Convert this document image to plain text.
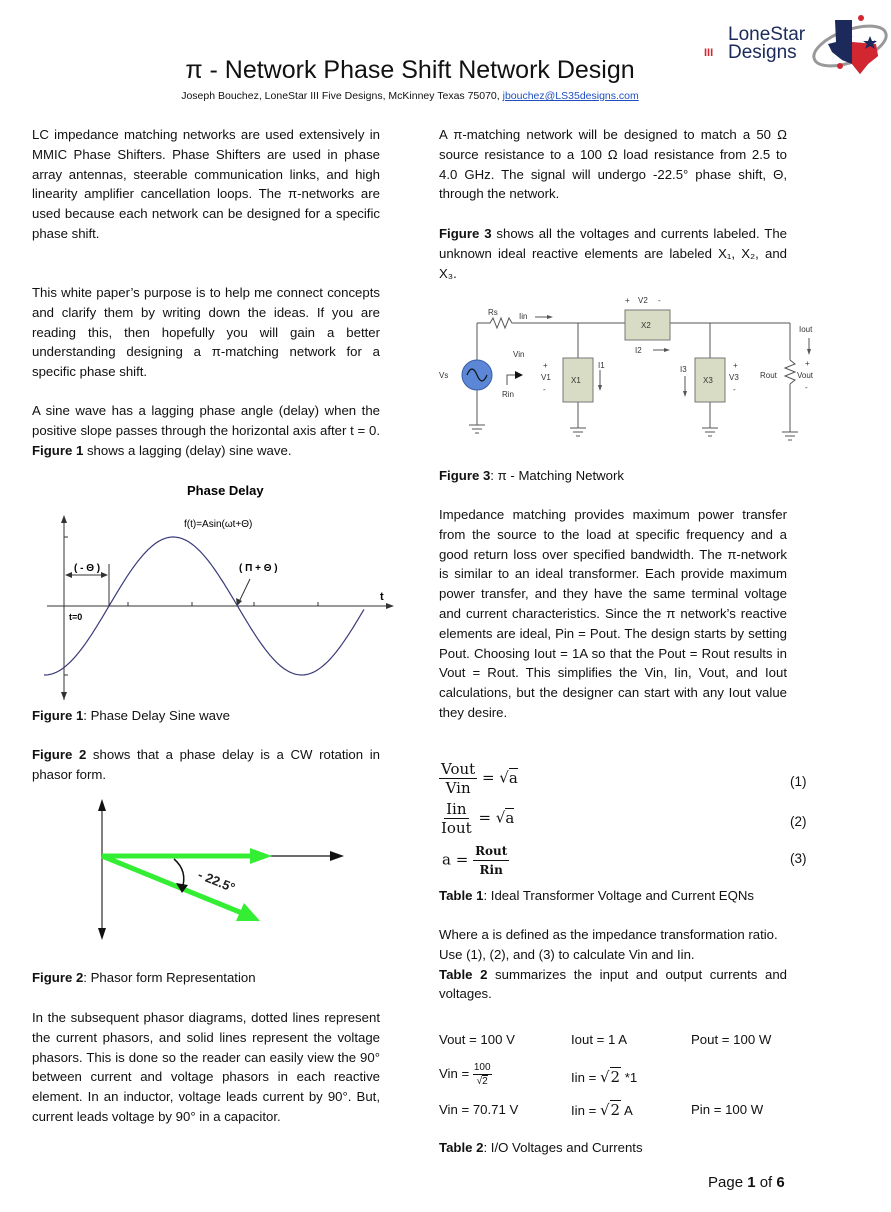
LoneStar
Designs
III
π - Network Phase Shift Network Design
Joseph Bouchez, LoneStar III Five Designs, McKinney Texas 75070, jbouchez@LS35designs.com

LC impedance matching networks are used extensively in MMIC Phase Shifters. Phase Shifters are used in phase array antennas, steerable communication links, and high linearity amplifier cancellation loops. The π-networks are used because each network can be designed for a specific phase shift.

This white paper’s purpose is to help me connect concepts and clarify them by writing down the ideas. If you are reading this, then hopefully you will gain a better understanding designing a π-matching network for a specific phase shift.

A sine wave has a lagging phase angle (delay) when the positive slope passes through the horizontal axis after t = 0. Figure 1 shows a lagging (delay) sine wave.

Phase Delay
f(t)=Asin(ωt+Θ)
( - Θ )	( Π + Θ )
t
t=0
Figure 1: Phase Delay Sine wave

Figure 2 shows that a phase delay is a CW rotation in phasor form.

- 22.5°
Figure 2: Phasor form Representation

In the subsequent phasor diagrams, dotted lines represent the current phasors, and solid lines represent the voltage phasors. This is done so the reader can easily view the 90° between current and voltage phasors in each reactive element. In an inductor, voltage leads current by 90°. But, current leads voltage by 90° in a capacitor.

A π-matching network will be designed to match a 50 Ω source resistance to a 100 Ω load resistance from 2.5 to 4.0 GHz. The signal will undergo -22.5° phase shift, Θ, through the network.

Figure 3 shows all the voltages and currents labeled. The unknown ideal reactive elements are labeled X₁, X₂, and X₃.

Rs	Iin
Vs
Vin
Rin
+
V1
-
X1
I1
+ V2 -
X2
I2
I3
X3
+
V3
-
Rout
Iout
+
Vout
-
Figure 3: π - Matching Network

Impedance matching provides maximum power transfer from the source to the load at specific frequency and a good return loss over specified bandwidth. The π-network is similar to an ideal transformer. Each provide maximum power transfer, and they have the same terminal voltage and current characteristics. Since the π network’s reactive elements are ideal, Pin = Pout. The design starts by setting Pout. Choosing Iout = 1A so that the Pout = Rout results in Vout = Rout. This simplifies the Vin, Iin, Vout, and Iout calculations, but the designer can start with any Iout value they desire.

$\frac{\text{Vout}}{\text{Vin}} = √a$	(1)
$\frac{\text{Iin}}{\text{Iout}} = √a$	(2)
$a = \frac{\text{Rout}}{\text{Rin}}$	(3)
Table 1: Ideal Transformer Voltage and Current EQNs

Where a is defined as the impedance transformation ratio. Use (1), (2), and (3) to calculate Vin and Iin.

Table 2 summarizes the input and output currents and voltages.

Vout = 100 V	Iout = 1 A	Pout = 100 W
Vin = $\frac{100}{√2}$	Iin = √2 *1
Vin = 70.71 V	Iin = √2 A	Pin = 100 W
Table 2: I/O Voltages and Currents
Page 1 of 6
